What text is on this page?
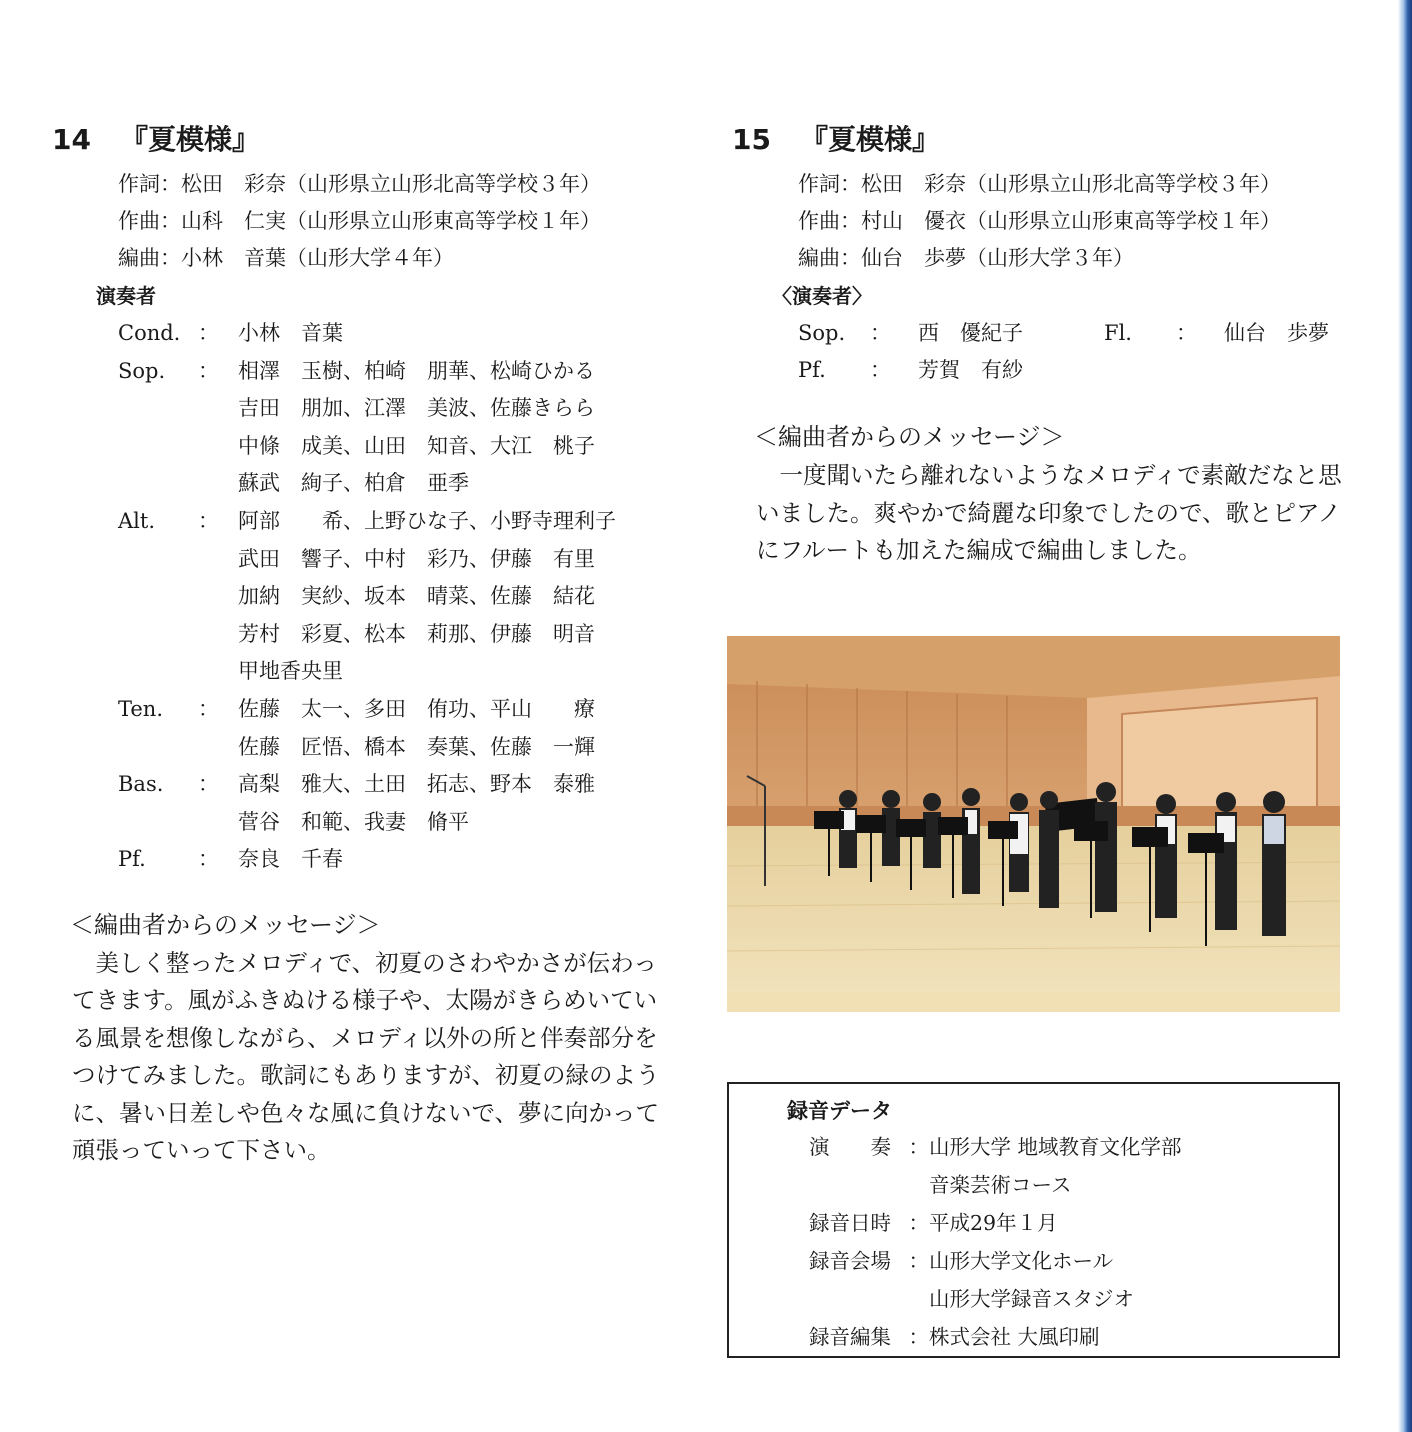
14 『夏模様』
作詞：松田　彩奈（山形県立山形北高等学校３年）
作曲：山科　仁実（山形県立山形東高等学校１年）
編曲：小林　音葉（山形大学４年）
演奏者
Cond. ： 小林　音葉
Sop.	： 相澤　玉樹、柏崎　朋華、松崎ひかる
吉田　朋加、江澤　美波、佐藤きらら
中條　成美、山田　知音、大江　桃子
蘇武　絢子、柏倉　亜季
Alt.	： 阿部　　希、上野ひな子、小野寺理利子
武田　響子、中村　彩乃、伊藤　有里
加納　実紗、坂本　晴菜、佐藤　結花
芳村　彩夏、松本　莉那、伊藤　明音
甲地香央里
Ten.	： 佐藤　太一、多田　侑功、平山　　療
佐藤　匠悟、橋本　奏葉、佐藤　一輝
Bas.	： 高梨　雅大、土田　拓志、野本　泰雅
菅谷　和範、我妻　脩平
Pf.	： 奈良　千春
＜編曲者からのメッセージ＞
美しく整ったメロディで、初夏のさわやかさが伝わってきます。風がふきぬける様子や、太陽がきらめいている風景を想像しながら、メロディ以外の所と伴奏部分をつけてみました。歌詞にもありますが、初夏の緑のように、暑い日差しや色々な風に負けないで、夢に向かって頑張っていって下さい。
15 『夏模様』
作詞：松田　彩奈（山形県立山形北高等学校３年）
作曲：村山　優衣（山形県立山形東高等学校１年）
編曲：仙台　歩夢（山形大学３年）
〈演奏者〉
Sop.	：	西　優紀子	Fl.	：	仙台　歩夢
Pf.	：	芳賀　有紗
＜編曲者からのメッセージ＞
一度聞いたら離れないようなメロディで素敵だなと思いました。爽やかで綺麗な印象でしたので、歌とピアノにフルートも加えた編成で編曲しました。
録音データ
演　　奏 ： 山形大学 地域教育文化学部
音楽芸術コース
録音日時 ： 平成29年１月
録音会場 ： 山形大学文化ホール
山形大学録音スタジオ
録音編集 ： 株式会社 大風印刷
